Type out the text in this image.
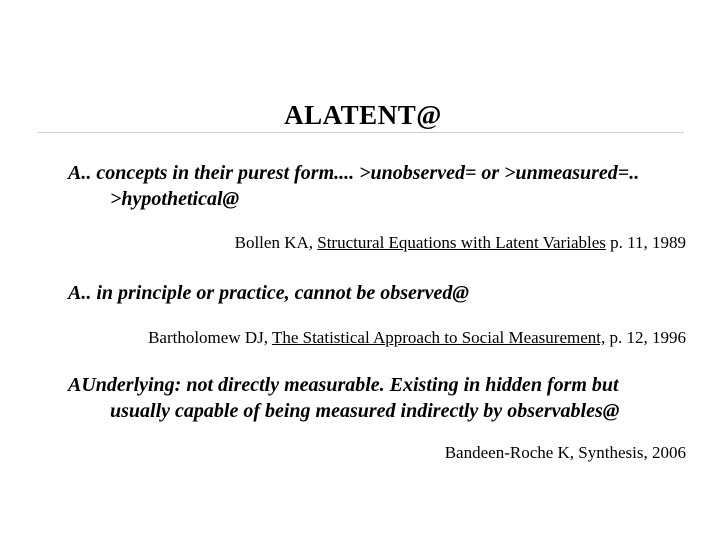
ALATENT@
A.. concepts in their purest form.... >unobserved= or >unmeasured=..
>hypothetical@
Bollen KA, Structural Equations with Latent Variables p. 11, 1989
A.. in principle or practice, cannot be observed@
Bartholomew DJ, The Statistical Approach to Social Measurement, p. 12, 1996
AUnderlying: not directly measurable. Existing in hidden form but
usually capable of being measured indirectly by observables@
Bandeen-Roche K, Synthesis, 2006
